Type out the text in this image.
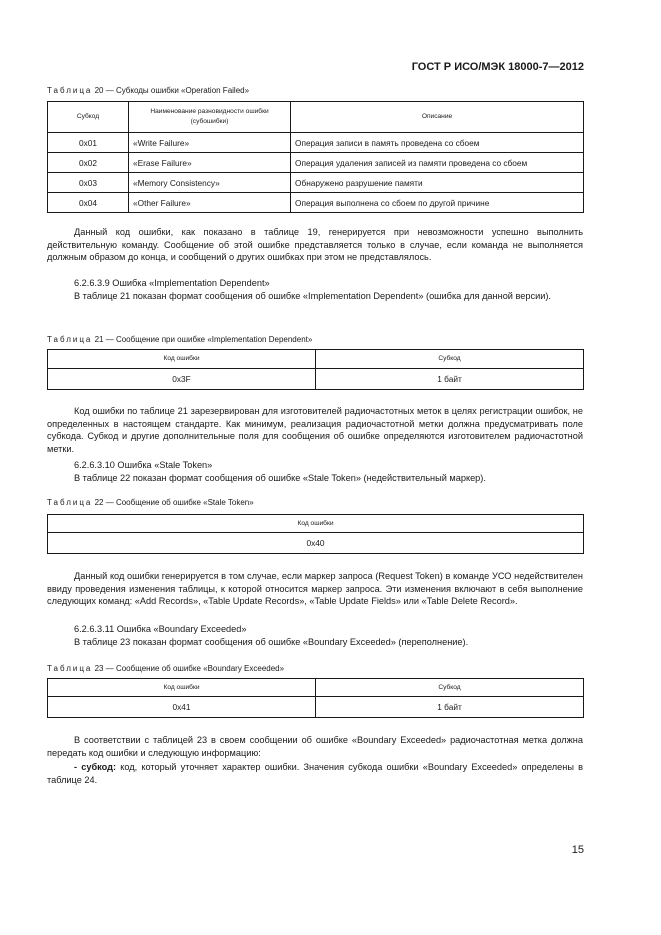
ГОСТ Р ИСО/МЭК 18000-7—2012
Таблица 20 — Субкоды ошибки «Operation Failed»
Субкод	Наименование разновидности ошибки (субошибки)	Описание
0x01	«Write Failure»	Операция записи в память проведена со сбоем
0x02	«Erase Failure»	Операция удаления записей из памяти проведена со сбоем
0x03	«Memory Consistency»	Обнаружено разрушение памяти
0x04	«Other Failure»	Операция выполнена со сбоем по другой причине
Данный код ошибки, как показано в таблице 19, генерируется при невозможности успешно выполнить действительную команду. Сообщение об этой ошибке представляется только в случае, если команда не выполняется должным образом до конца, и сообщений о других ошибках при этом не представлялось.
6.2.6.3.9 Ошибка «Implementation Dependent»
В таблице 21 показан формат сообщения об ошибке «Implementation Dependent» (ошибка для данной версии).
Таблица 21 — Сообщение при ошибке «Implementation Dependent»
Код ошибки	Субкод
0x3F	1 байт
Код ошибки по таблице 21 зарезервирован для изготовителей радиочастотных меток в целях регистрации ошибок, не определенных в настоящем стандарте. Как минимум, реализация радиочастотной метки должна предусматривать поле субкода. Субкод и другие дополнительные поля для сообщения об ошибке определяются изготовителем радиочастотной метки.
6.2.6.3.10 Ошибка «Stale Token»
В таблице 22 показан формат сообщения об ошибке «Stale Token» (недействительный маркер).
Таблица 22 — Сообщение об ошибке «Stale Token»
Код ошибки
0x40
Данный код ошибки генерируется в том случае, если маркер запроса (Request Token) в команде УСО недействителен ввиду проведения изменения таблицы, к которой относится маркер запроса. Эти изменения включают в себя выполнение следующих команд: «Add Records», «Table Update Records», «Table Update Fields» или «Table Delete Record».
6.2.6.3.11 Ошибка «Boundary Exceeded»
В таблице 23 показан формат сообщения об ошибке «Boundary Exceeded» (переполнение).
Таблица 23 — Сообщение об ошибке «Boundary Exceeded»
Код ошибки	Субкод
0x41	1 байт
В соответствии с таблицей 23 в своем сообщении об ошибке «Boundary Exceeded» радиочастотная метка должна передать код ошибки и следующую информацию:
- субкод: код, который уточняет характер ошибки. Значения субкода ошибки «Boundary Exceeded» определены в таблице 24.
15
